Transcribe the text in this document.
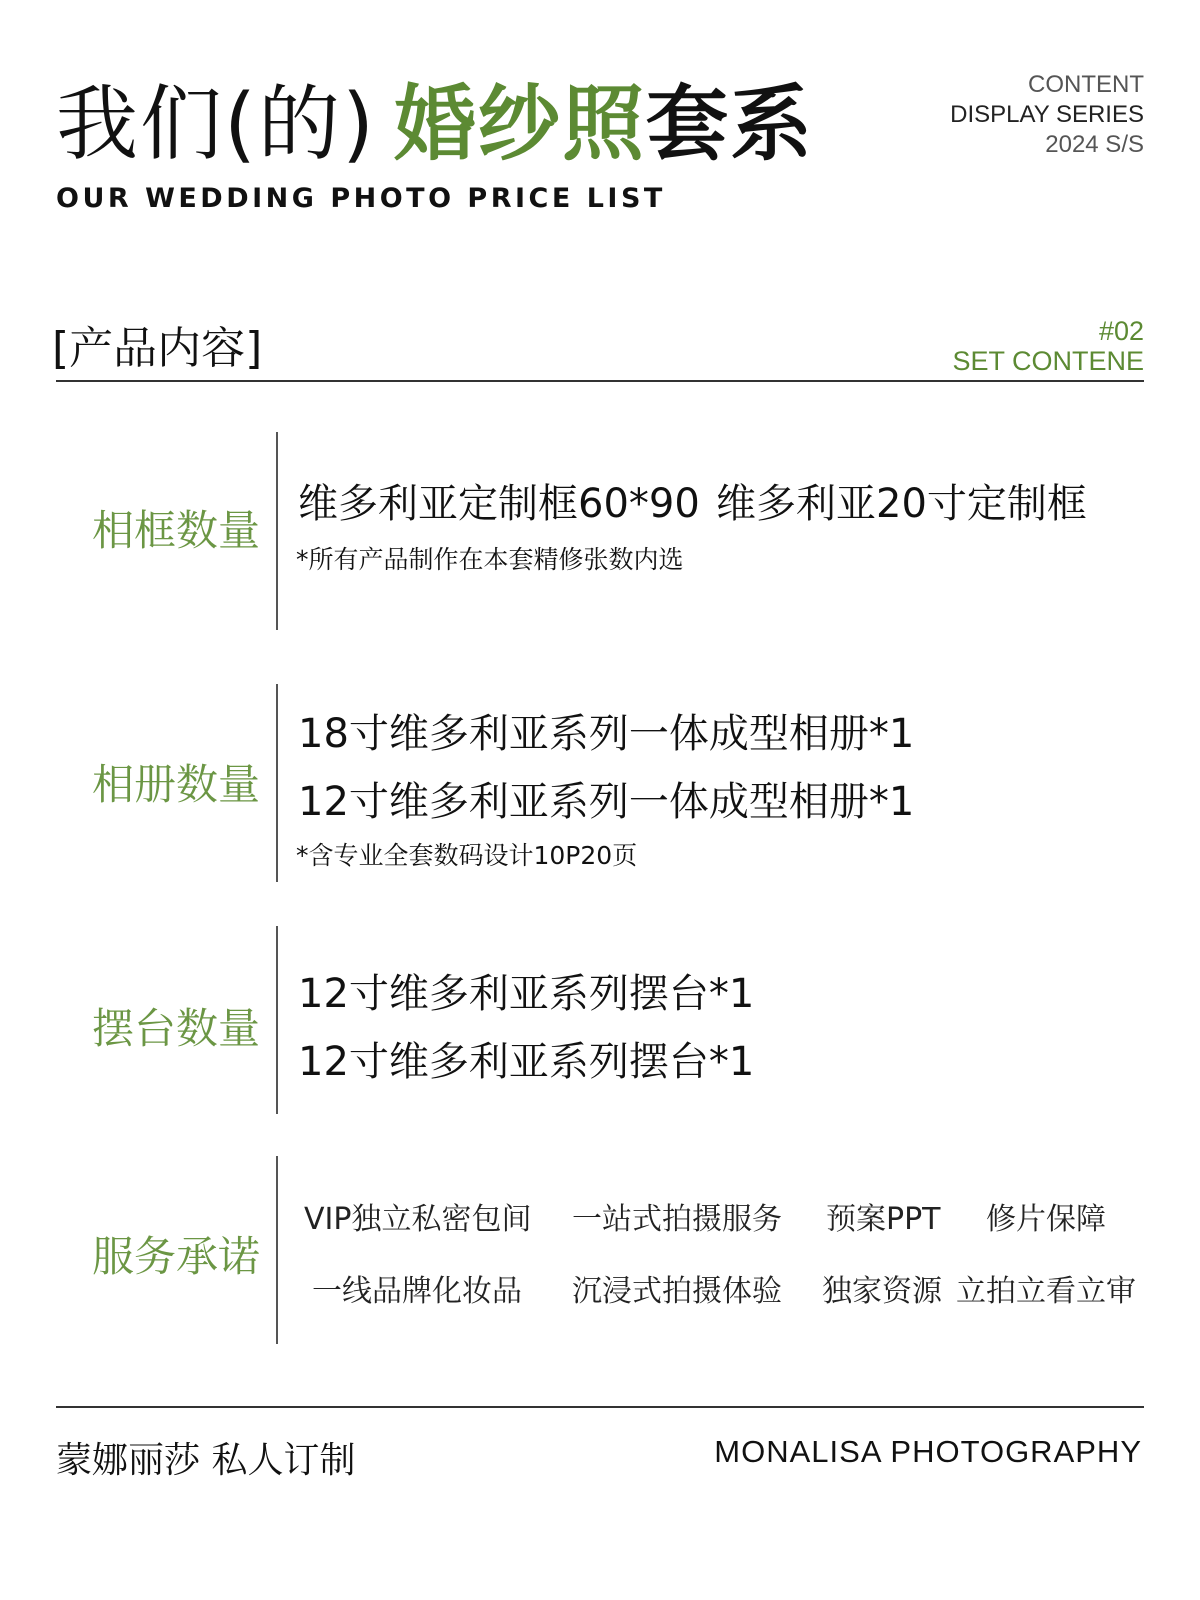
我们(的) 婚纱照 套系
OUR WEDDING PHOTO PRICE LIST
CONTENT
DISPLAY SERIES
2024 S/S
[产品内容]	#02
SET CONTENE
相框数量
维多利亚定制框60*90 维多利亚20寸定制框
*所有产品制作在本套精修张数内选
相册数量
18寸维多利亚系列一体成型相册*1
12寸维多利亚系列一体成型相册*1
*含专业全套数码设计10P20页
摆台数量
12寸维多利亚系列摆台*1
12寸维多利亚系列摆台*1
服务承诺
VIP独立私密包间 一站式拍摄服务 预案PPT 修片保障
一线品牌化妆品 沉浸式拍摄体验 独家资源 立拍立看立审
蒙娜丽莎 私人订制	MONALISA PHOTOGRAPHY
